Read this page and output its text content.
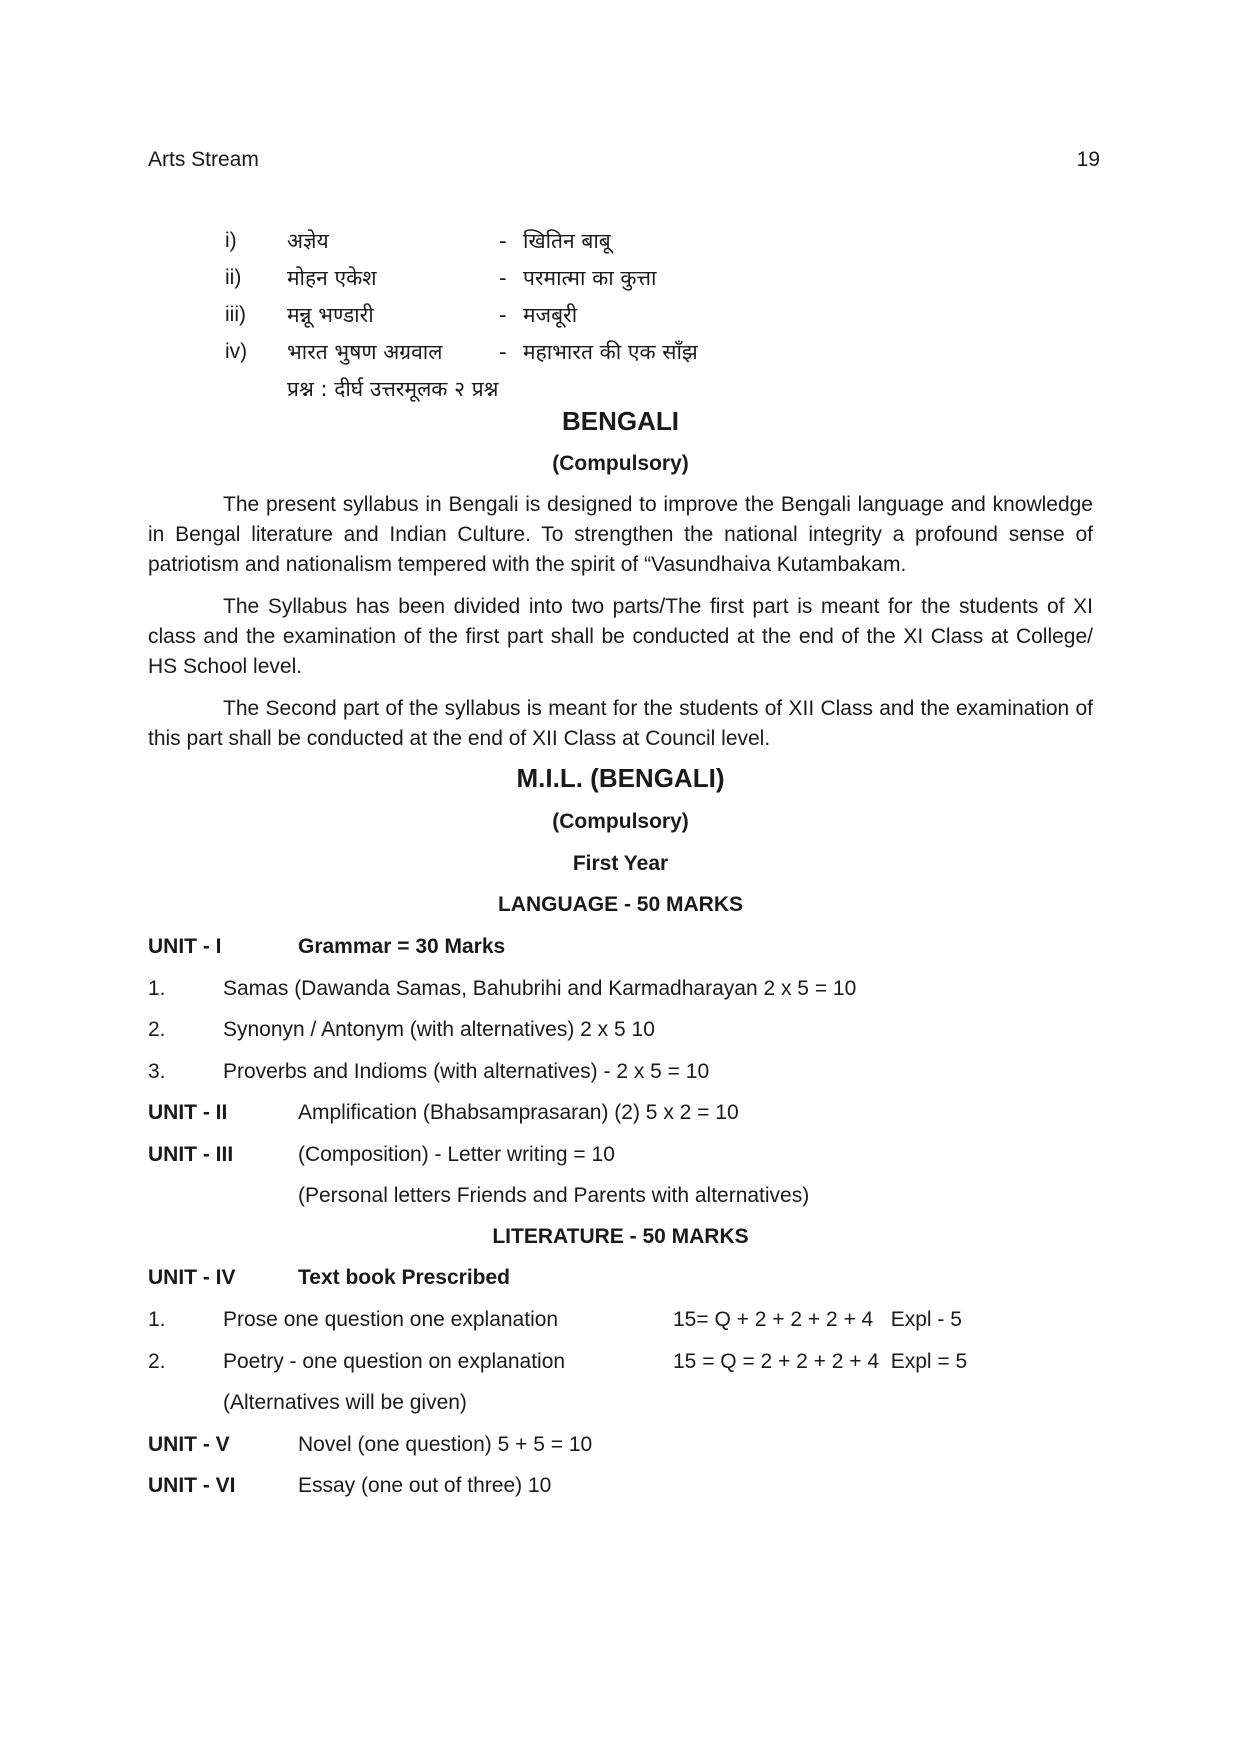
Arts Stream	19
i)	अज्ञेय	- खितिन बाबू
ii)	मोहन एकेश	- परमात्मा का कुत्ता
iii)	मन्नू भण्डारी	- मजबूरी
iv)	भारत भुषण अग्रवाल	- महाभारत की एक साँझ
प्रश्न : दीर्घ उत्तरमूलक २ प्रश्न
BENGALI
(Compulsory)

The present syllabus in Bengali is designed to improve the Bengali language and knowledge in Bengal literature and Indian Culture. To strengthen the national integrity a profound sense of patriotism and nationalism tempered with the spirit of “Vasundhaiva Kutambakam.

The Syllabus has been divided into two parts/The first part is meant for the students of XI class and the examination of the first part shall be conducted at the end of the XI Class at College/ HS School level.

The Second part of the syllabus is meant for the students of XII Class and the examination of this part shall be conducted at the end of XII Class at Council level.

M.I.L. (BENGALI)
(Compulsory)
First Year
LANGUAGE - 50 MARKS
UNIT - I	Grammar = 30 Marks
1.	Samas (Dawanda Samas, Bahubrihi and Karmadharayan 2 x 5 = 10
2.	Synonyn / Antonym (with alternatives) 2 x 5 10
3.	Proverbs and Indioms (with alternatives) - 2 x 5 = 10
UNIT - II	Amplification (Bhabsamprasaran) (2) 5 x 2 = 10
UNIT - III	(Composition) - Letter writing = 10
(Personal letters Friends and Parents with alternatives)
LITERATURE - 50 MARKS
UNIT - IV	Text book Prescribed
1.	Prose one question one explanation	15= Q + 2 + 2 + 2 + 4   Expl - 5
2.	Poetry - one question on explanation	15 = Q = 2 + 2 + 2 + 4  Expl = 5
(Alternatives will be given)
UNIT - V	Novel (one question) 5 + 5 = 10
UNIT - VI	Essay (one out of three) 10
